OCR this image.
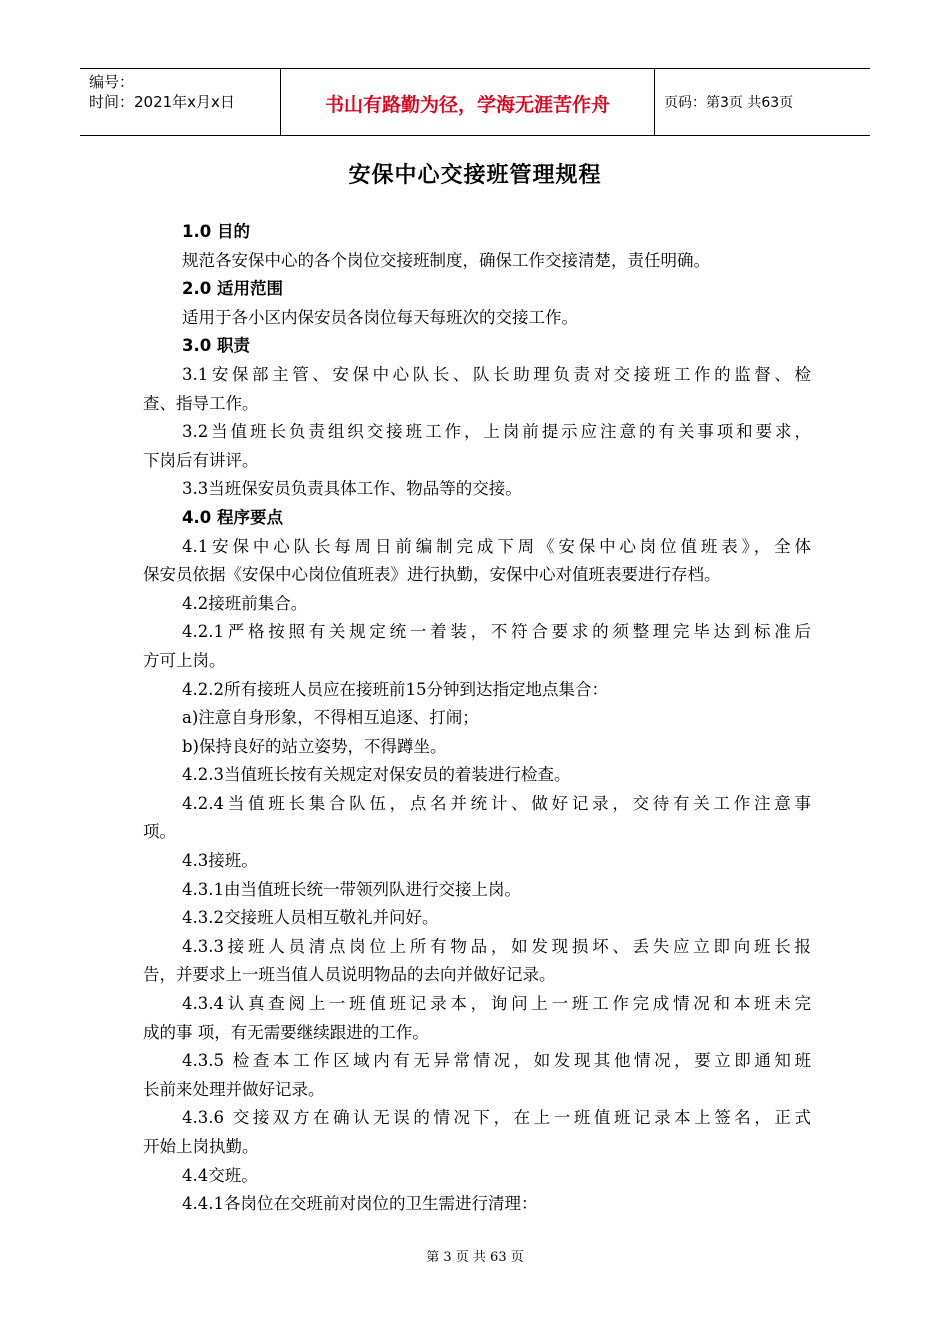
编号：
时间：2021年x月x日	书山有路勤为径，学海无涯苦作舟	页码：第3页 共63页
安保中心交接班管理规程
1.0 目的
规范各安保中心的各个岗位交接班制度，确保工作交接清楚，责任明确。
2.0 适用范围
适用于各小区内保安员各岗位每天每班次的交接工作。
3.0 职责
3.1安保部主管、安保中心队长、队长助理负责对交接班工作的监督、检
查、指导工作。
3.2当值班长负责组织交接班工作，上岗前提示应注意的有关事项和要求，
下岗后有讲评。
3.3当班保安员负责具体工作、物品等的交接。
4.0 程序要点
4.1安保中心队长每周日前编制完成下周《安保中心岗位值班表》，全体
保安员依据《安保中心岗位值班表》进行执勤，安保中心对值班表要进行存档。
4.2接班前集合。
4.2.1严格按照有关规定统一着装，不符合要求的须整理完毕达到标准后
方可上岗。
4.2.2所有接班人员应在接班前15分钟到达指定地点集合：
a)注意自身形象，不得相互追逐、打闹；
b)保持良好的站立姿势，不得蹲坐。
4.2.3当值班长按有关规定对保安员的着装进行检查。
4.2.4当值班长集合队伍，点名并统计、做好记录，交待有关工作注意事
项。
4.3接班。
4.3.1由当值班长统一带领列队进行交接上岗。
4.3.2交接班人员相互敬礼并问好。
4.3.3接班人员清点岗位上所有物品，如发现损坏、丢失应立即向班长报
告，并要求上一班当值人员说明物品的去向并做好记录。
4.3.4认真查阅上一班值班记录本，询问上一班工作完成情况和本班未完
成的事 项，有无需要继续跟进的工作。
4.3.5 检查本工作区域内有无异常情况，如发现其他情况，要立即通知班
长前来处理并做好记录。
4.3.6 交接双方在确认无误的情况下，在上一班值班记录本上签名，正式
开始上岗执勤。
4.4交班。
4.4.1各岗位在交班前对岗位的卫生需进行清理：
第 3 页 共 63 页
